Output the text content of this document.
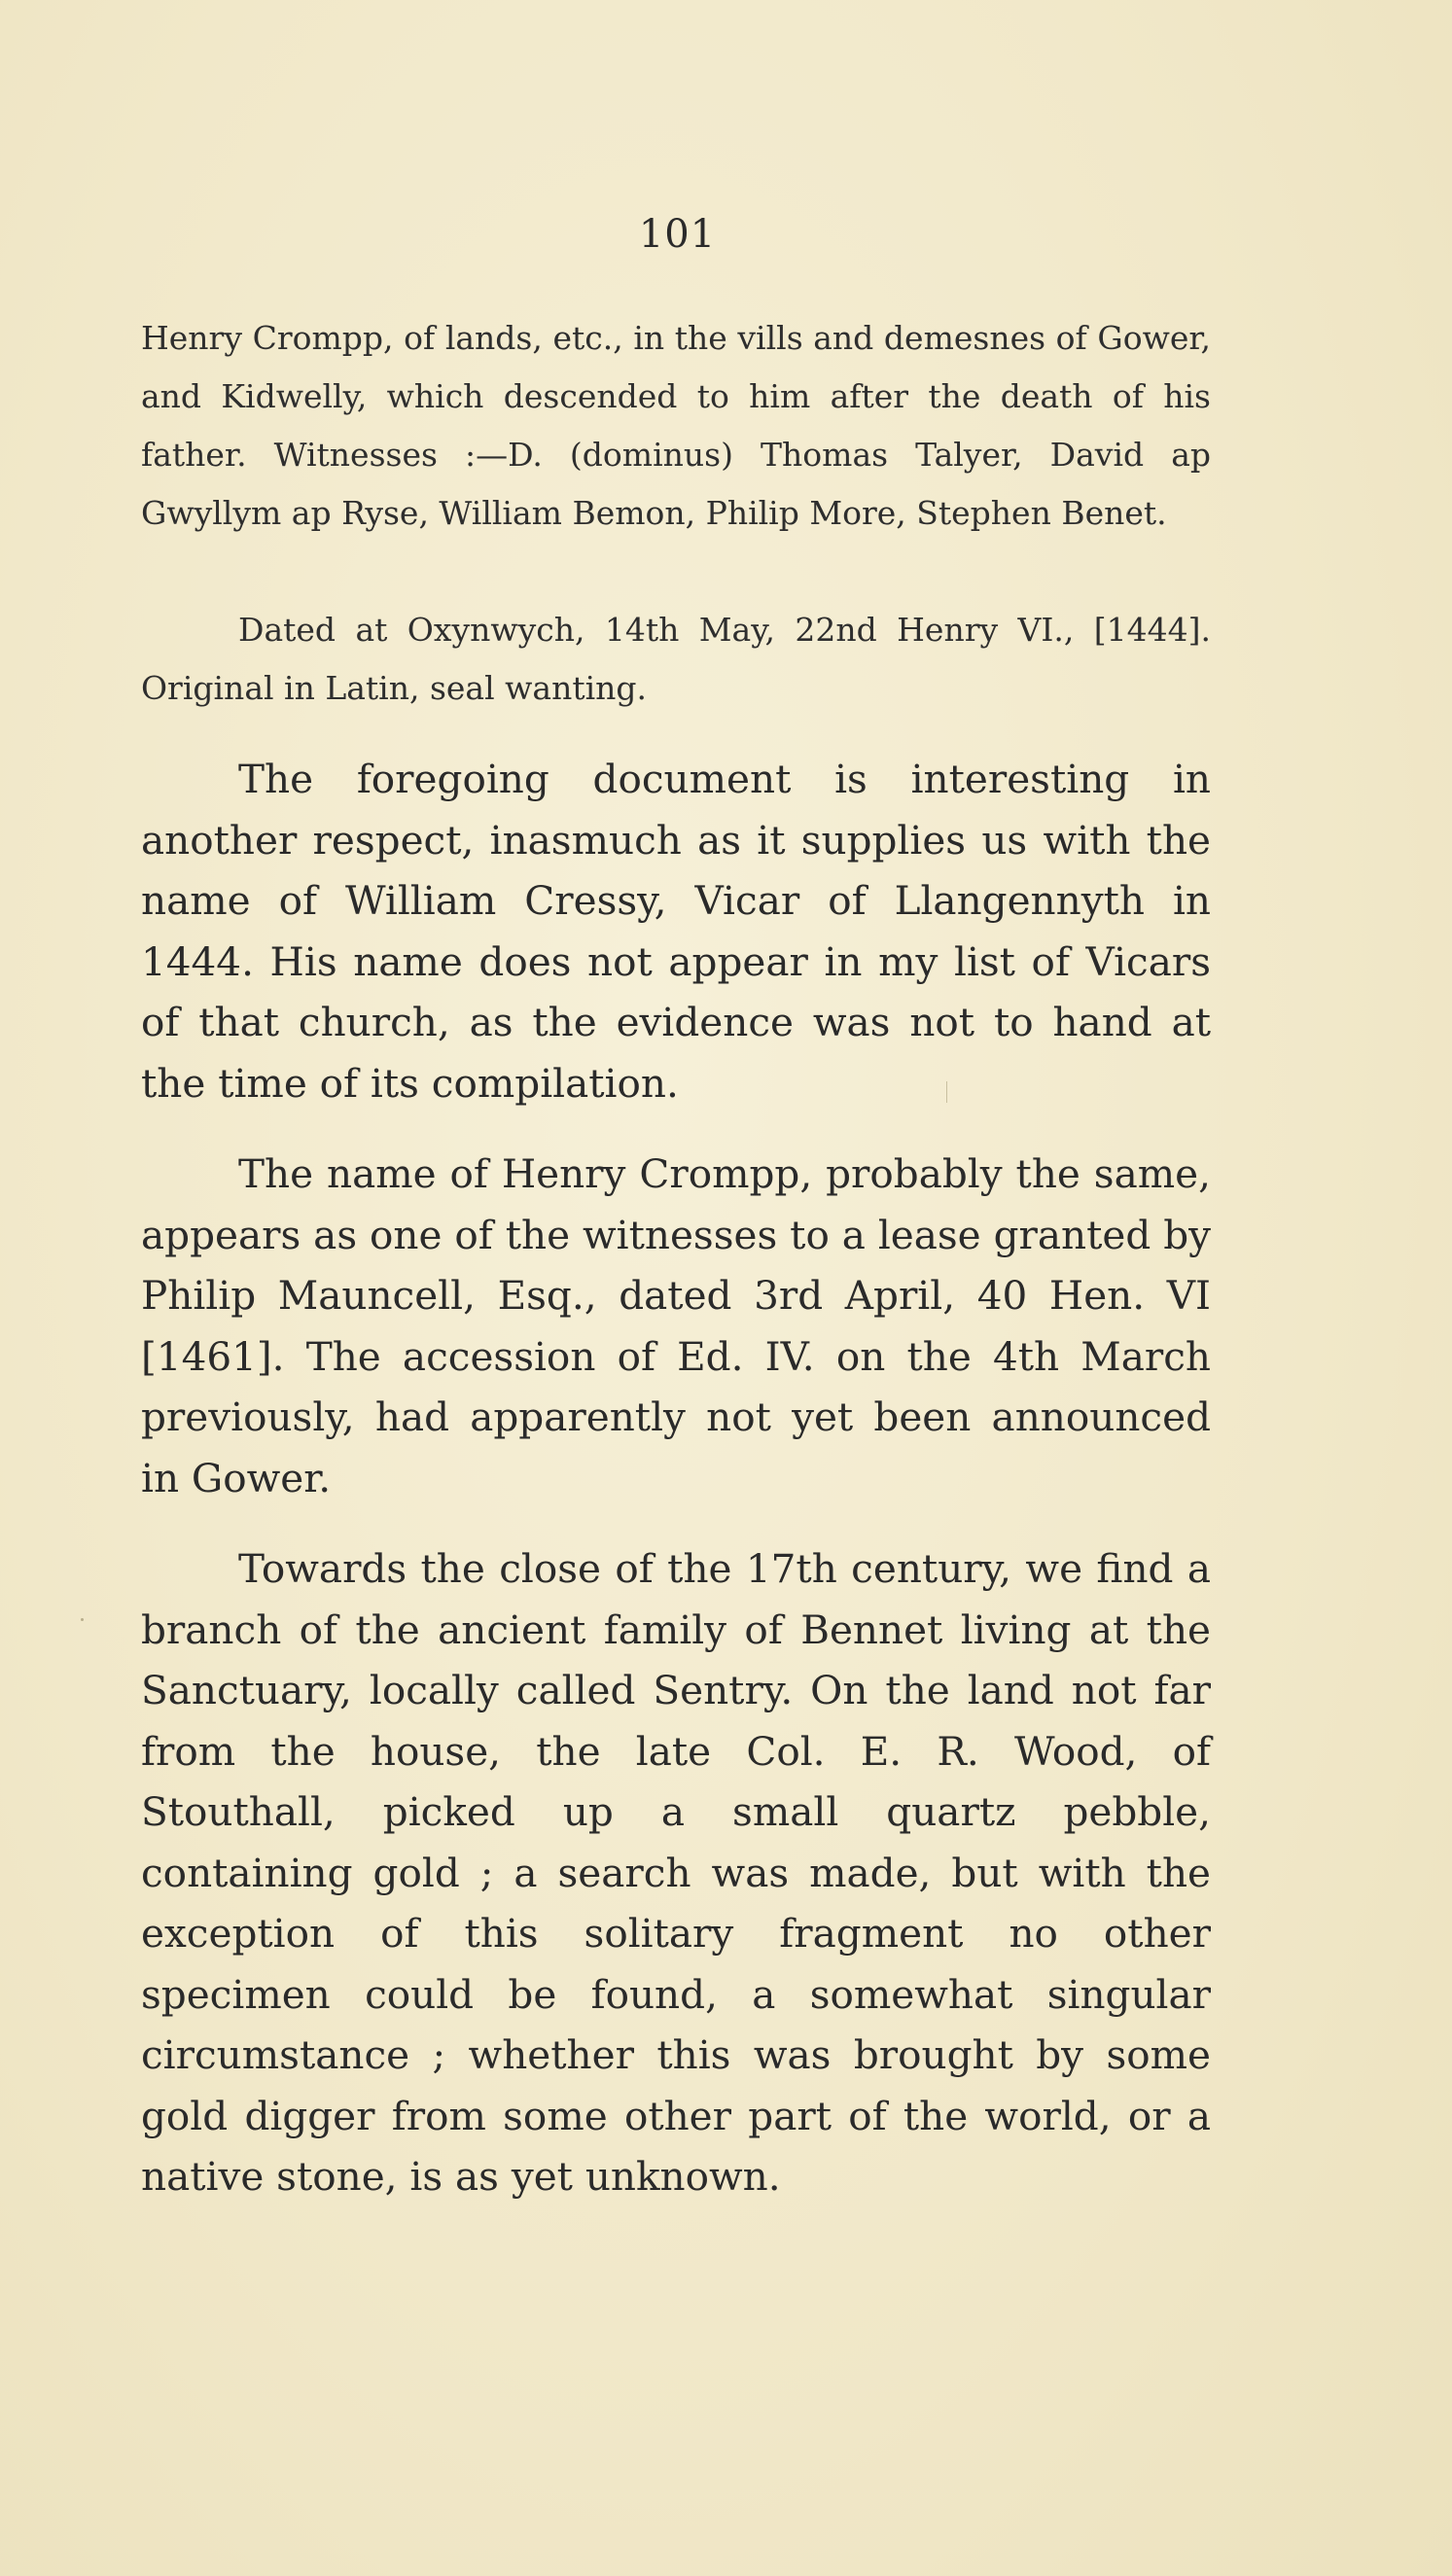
101

Henry Crompp, of lands, etc., in the vills and demesnes of Gower, and Kidwelly, which descended to him after the death of his father. Witnesses :—D. (dominus) Thomas Talyer, David ap Gwyllym ap Ryse, William Bemon, Philip More, Stephen Benet.

Dated at Oxynwych, 14th May, 22nd Henry VI., [1444]. Original in Latin, seal wanting.

The foregoing document is interesting in another respect, inasmuch as it supplies us with the name of William Cressy, Vicar of Llangennyth in 1444. His name does not appear in my list of Vicars of that church, as the evidence was not to hand at the time of its compilation.

The name of Henry Crompp, probably the same, appears as one of the witnesses to a lease granted by Philip Mauncell, Esq., dated 3rd April, 40 Hen. VI [1461]. The accession of Ed. IV. on the 4th March previously, had apparently not yet been announced in Gower.

Towards the close of the 17th century, we find a branch of the ancient family of Bennet living at the Sanctuary, locally called Sentry. On the land not far from the house, the late Col. E. R. Wood, of Stouthall, picked up a small quartz pebble, containing gold ; a search was made, but with the exception of this solitary fragment no other specimen could be found, a somewhat singular circumstance ; whether this was brought by some gold digger from some other part of the world, or a native stone, is as yet unknown.
